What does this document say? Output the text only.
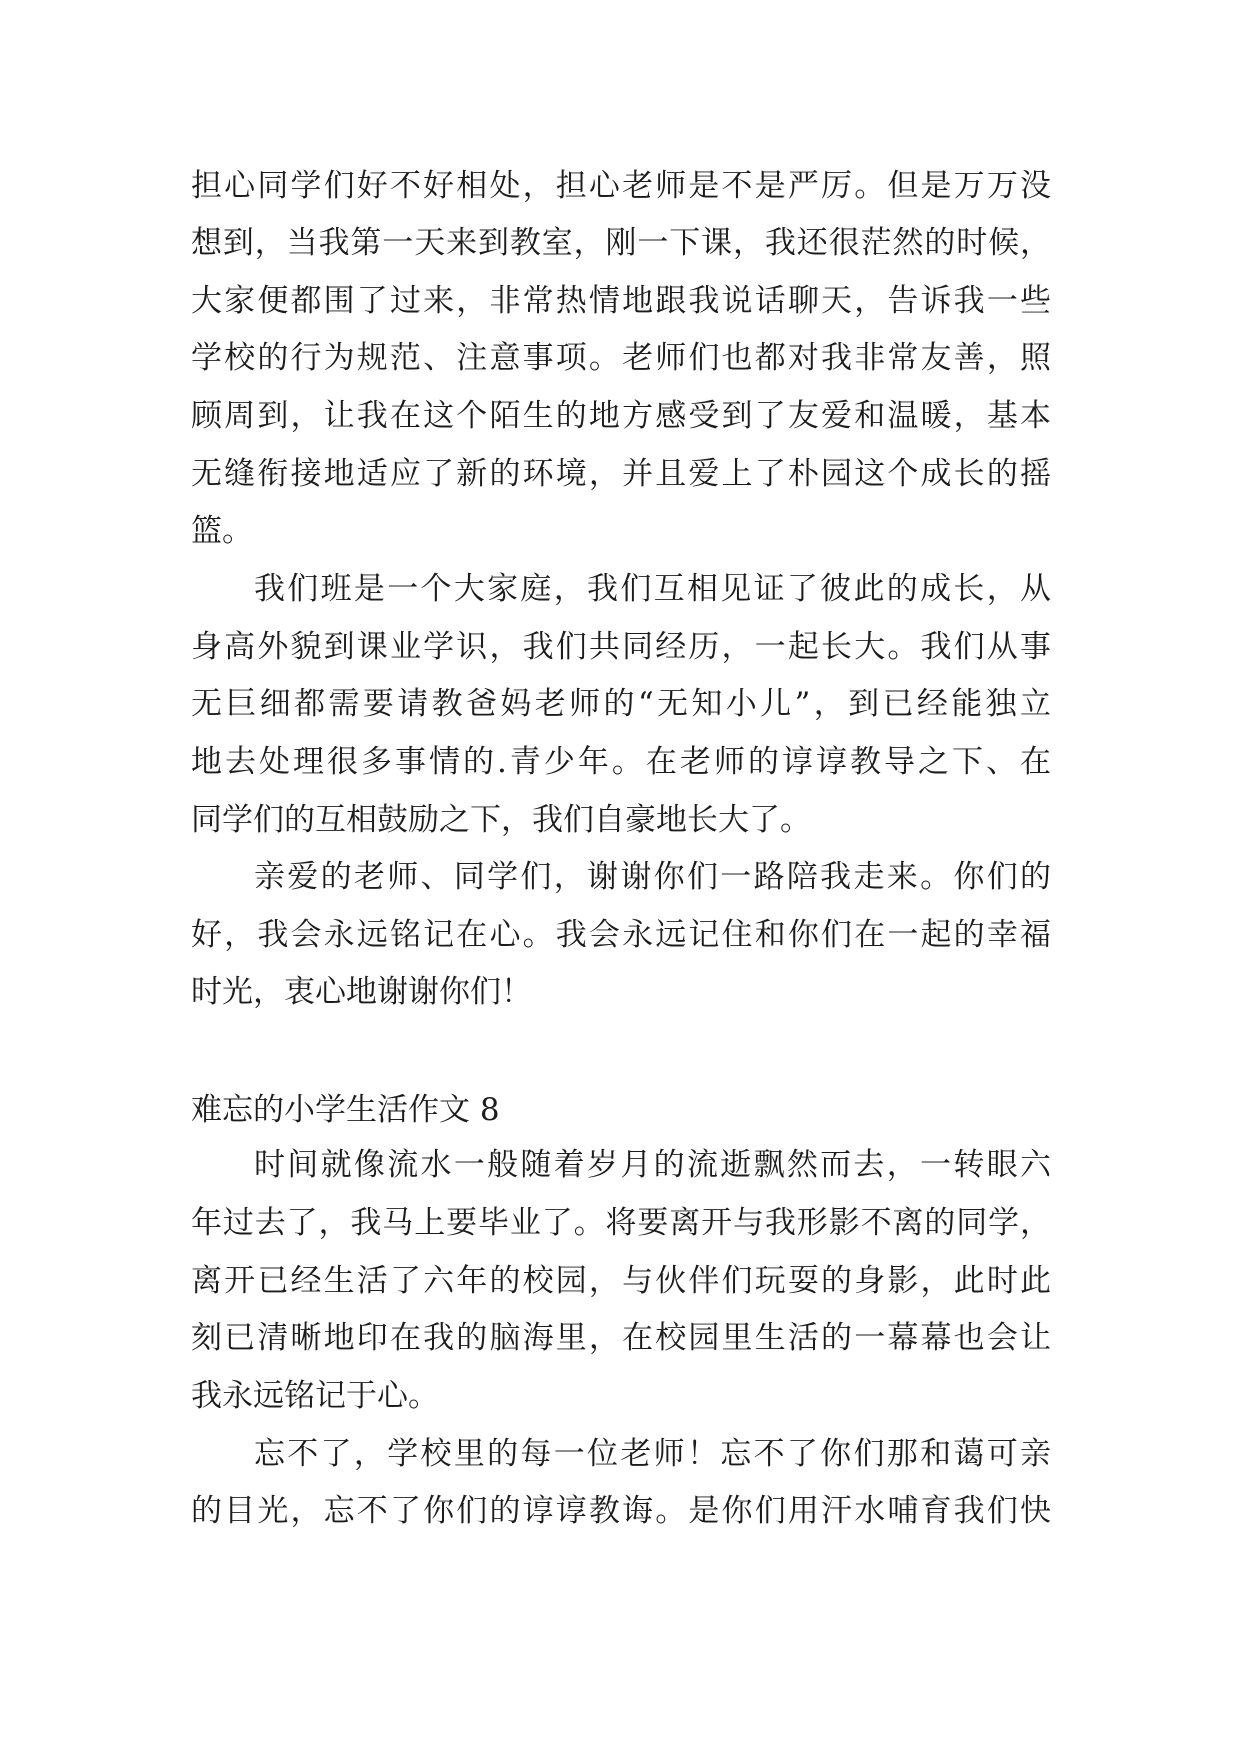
担心同学们好不好相处，担心老师是不是严厉。但是万万没

想到，当我第一天来到教室，刚一下课，我还很茫然的时候，

大家便都围了过来，非常热情地跟我说话聊天，告诉我一些

学校的行为规范、注意事项。老师们也都对我非常友善，照

顾周到，让我在这个陌生的地方感受到了友爱和温暖，基本

无缝衔接地适应了新的环境，并且爱上了朴园这个成长的摇

篮。

我们班是一个大家庭，我们互相见证了彼此的成长，从

身高外貌到课业学识，我们共同经历，一起长大。我们从事

无巨细都需要请教爸妈老师的“无知小儿”，到已经能独立

地去处理很多事情的.青少年。在老师的谆谆教导之下、在

同学们的互相鼓励之下，我们自豪地长大了。

亲爱的老师、同学们，谢谢你们一路陪我走来。你们的

好，我会永远铭记在心。我会永远记住和你们在一起的幸福

时光，衷心地谢谢你们！

难忘的小学生活作文 8

时间就像流水一般随着岁月的流逝飘然而去，一转眼六

年过去了，我马上要毕业了。将要离开与我形影不离的同学，

离开已经生活了六年的校园，与伙伴们玩耍的身影，此时此

刻已清晰地印在我的脑海里，在校园里生活的一幕幕也会让

我永远铭记于心。

忘不了，学校里的每一位老师！忘不了你们那和蔼可亲

的目光，忘不了你们的谆谆教诲。是你们用汗水哺育我们快
